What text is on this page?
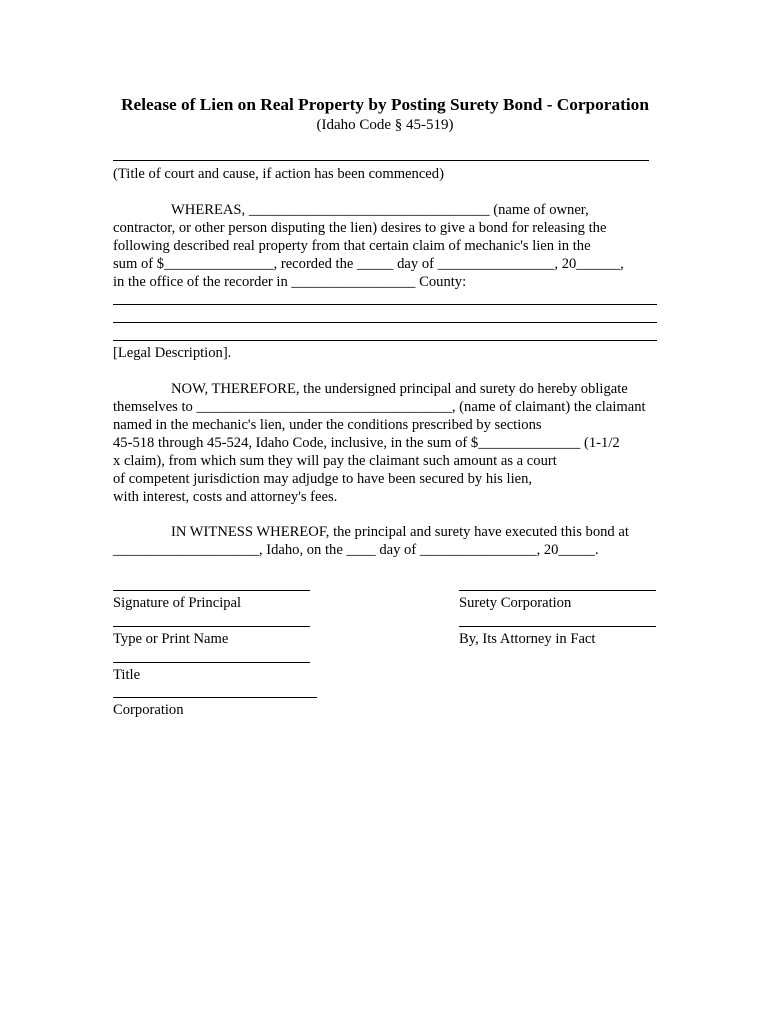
Release of Lien on Real Property by Posting Surety Bond - Corporation
(Idaho Code § 45-519)
(Title of court and cause, if action has been commenced)
WHEREAS, _________________________________ (name of owner,
contractor, or other person disputing the lien) desires to give a bond for releasing the
following described real property from that certain claim of mechanic's lien in the
sum of $_______________, recorded the _____ day of ________________, 20______,
in the office of the recorder in _________________ County:
[Legal Description].
NOW, THEREFORE, the undersigned principal and surety do hereby obligate
themselves to ___________________________________, (name of claimant) the claimant
named in the mechanic's lien, under the conditions prescribed by sections
45-518 through 45-524, Idaho Code, inclusive, in the sum of $______________ (1-1/2
x claim), from which sum they will pay the claimant such amount as a court
of competent jurisdiction may adjudge to have been secured by his lien,
with interest, costs and attorney's fees.
IN WITNESS WHEREOF, the principal and surety have executed this bond at
____________________, Idaho, on the ____ day of ________________, 20_____.
Signature of Principal
Type or Print Name
Title
Corporation
Surety Corporation
By, Its Attorney in Fact
